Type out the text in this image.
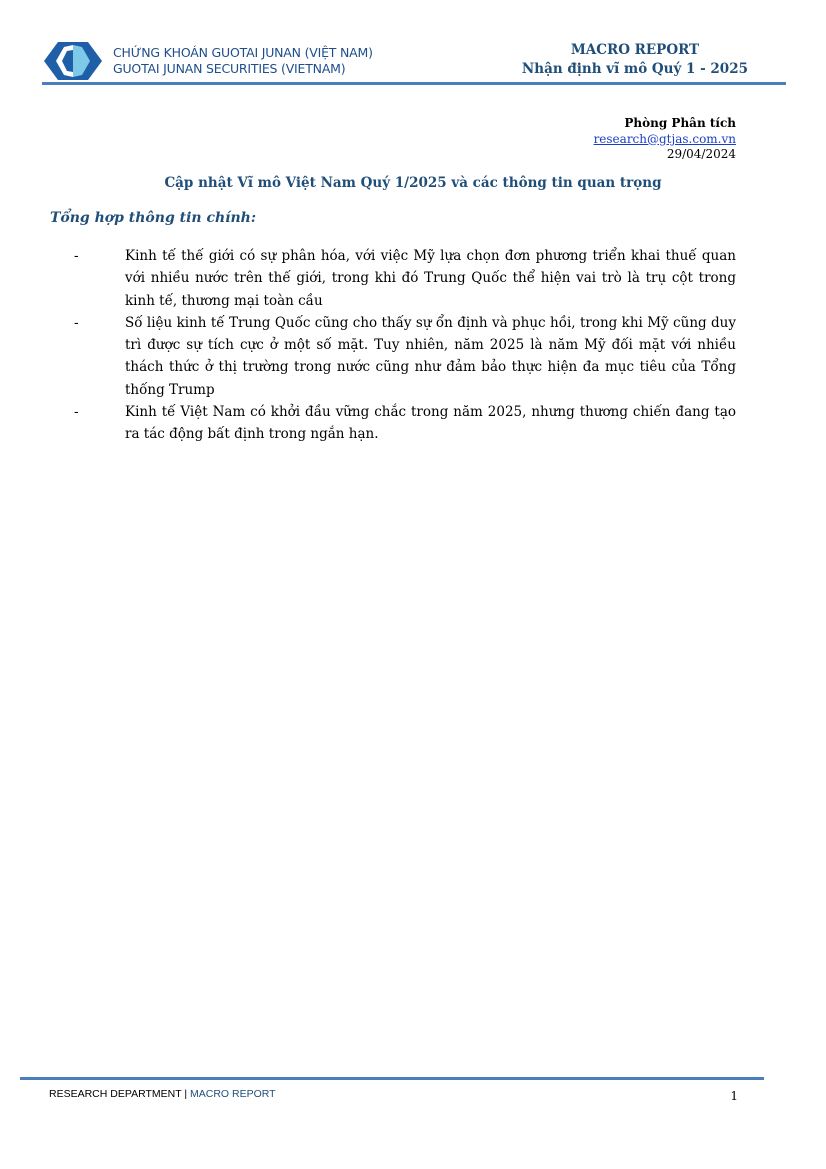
CHỨNG KHOÁN GUOTAI JUNAN (VIỆT NAM)
GUOTAI JUNAN SECURITIES (VIETNAM)
MACRO REPORT
Nhận định vĩ mô Quý 1 - 2025
Phòng Phân tích
research@gtjas.com.vn
29/04/2024
Cập nhật Vĩ mô Việt Nam Quý 1/2025 và các thông tin quan trọng
Tổng hợp thông tin chính:
-	Kinh tế thế giới có sự phân hóa, với việc Mỹ lựa chọn đơn phương triển khai thuế quan với nhiều nước trên thế giới, trong khi đó Trung Quốc thể hiện vai trò là trụ cột trong kinh tế, thương mại toàn cầu
-	Số liệu kinh tế Trung Quốc cũng cho thấy sự ổn định và phục hồi, trong khi Mỹ cũng duy trì được sự tích cực ở một số mặt. Tuy nhiên, năm 2025 là năm Mỹ đối mặt với nhiều thách thức ở thị trường trong nước cũng như đảm bảo thực hiện đa mục tiêu của Tổng thống Trump
-	Kinh tế Việt Nam có khởi đầu vững chắc trong năm 2025, nhưng thương chiến đang tạo ra tác động bất định trong ngắn hạn.
RESEARCH DEPARTMENT | MACRO REPORT	1
